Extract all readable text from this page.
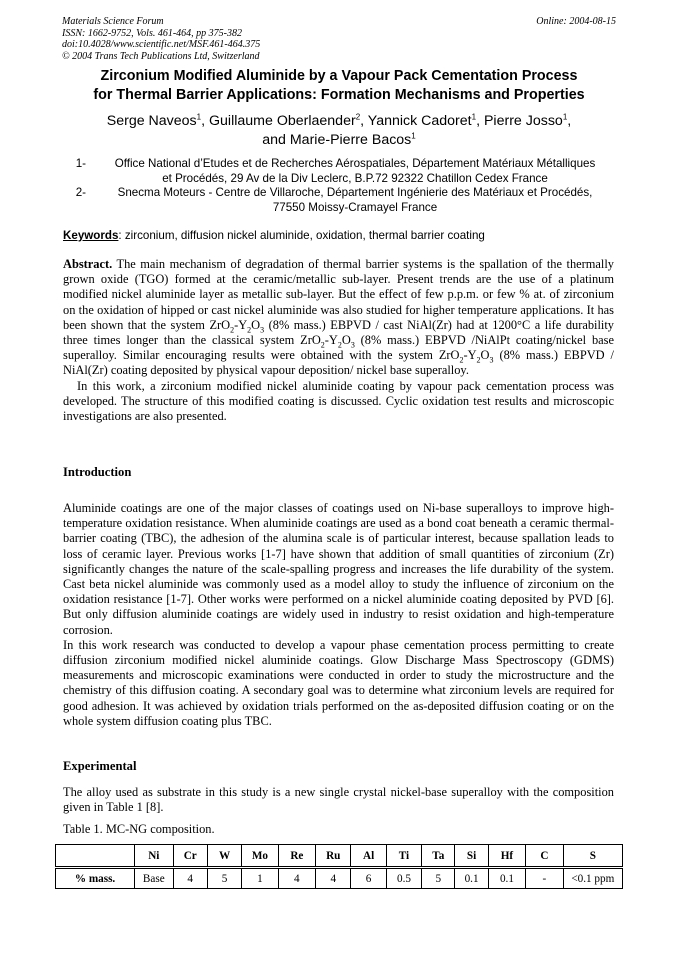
Materials Science Forum
ISSN: 1662-9752, Vols. 461-464, pp 375-382
doi:10.4028/www.scientific.net/MSF.461-464.375
© 2004 Trans Tech Publications Ltd, Switzerland
Online: 2004-08-15
Zirconium Modified Aluminide by a Vapour Pack Cementation Process
for Thermal Barrier Applications: Formation Mechanisms and Properties
Serge Naveos$^1$, Guillaume Oberlaender$^2$, Yannick Cadoret$^1$, Pierre Josso$^1$,
and Marie-Pierre Bacos$^1$
1-	Office National d’Etudes et de Recherches Aérospatiales, Département Matériaux Métalliques
et Procédés, 29 Av de la Div Leclerc, B.P.72 92322 Chatillon Cedex France
2-	Snecma Moteurs - Centre de Villaroche, Département Ingénierie des Matériaux et Procédés,
77550 Moissy-Cramayel France
Keywords: zirconium, diffusion nickel aluminide, oxidation, thermal barrier coating
Abstract. The main mechanism of degradation of thermal barrier systems is the spallation of the thermally grown oxide (TGO) formed at the ceramic/metallic sub-layer. Present trends are the use of a platinum modified nickel aluminide layer as metallic sub-layer. But the effect of few p.p.m. or few % at. of zirconium on the oxidation of hipped or cast nickel aluminide was also studied for higher temperature applications. It has been shown that the system $ZrO_2-Y_2O_3$ (8% mass.) EBPVD / cast NiAl(Zr) had at 1200°C a life durability three times longer than the classical system $ZrO_2-Y_2O_3$ (8% mass.) EBPVD /NiAlPt coating/nickel base superalloy. Similar encouraging results were obtained with the system $ZrO_2-Y_2O_3$ (8% mass.) EBPVD / NiAl(Zr) coating deposited by physical vapour deposition/ nickel base superalloy.
In this work, a zirconium modified nickel aluminide coating by vapour pack cementation process was developed. The structure of this modified coating is discussed. Cyclic oxidation test results and microscopic investigations are also presented.
Introduction
Aluminide coatings are one of the major classes of coatings used on Ni-base superalloys to improve high-temperature oxidation resistance. When aluminide coatings are used as a bond coat beneath a ceramic thermal-barrier coating (TBC), the adhesion of the alumina scale is of particular interest, because spallation leads to loss of ceramic layer. Previous works [1-7] have shown that addition of small quantities of zirconium (Zr) significantly changes the nature of the scale-spalling progress and increases the life durability of the system. Cast beta nickel aluminide was commonly used as a model alloy to study the influence of zirconium on the oxidation resistance [1-7]. Other works were performed on a nickel aluminide coating deposited by PVD [6]. But only diffusion aluminide coatings are widely used in industry to resist oxidation and high-temperature corrosion.
In this work research was conducted to develop a vapour phase cementation process permitting to create diffusion zirconium modified nickel aluminide coatings. Glow Discharge Mass Spectroscopy (GDMS) measurements and microscopic examinations were conducted in order to study the microstructure and the chemistry of this diffusion coating. A secondary goal was to determine what zirconium levels are required for good adhesion. It was achieved by oxidation trials performed on the as-deposited diffusion coating or on the whole system diffusion coating plus TBC.
Experimental
The alloy used as substrate in this study is a new single crystal nickel-base superalloy with the composition given in Table 1 [8].
Table 1. MC-NG composition.
	Ni	Cr	W	Mo	Re	Ru	Al	Ti	Ta	Si	Hf	C	S
% mass.	Base	4	5	1	4	4	6	0.5	5	0.1	0.1	-	<0.1 ppm
